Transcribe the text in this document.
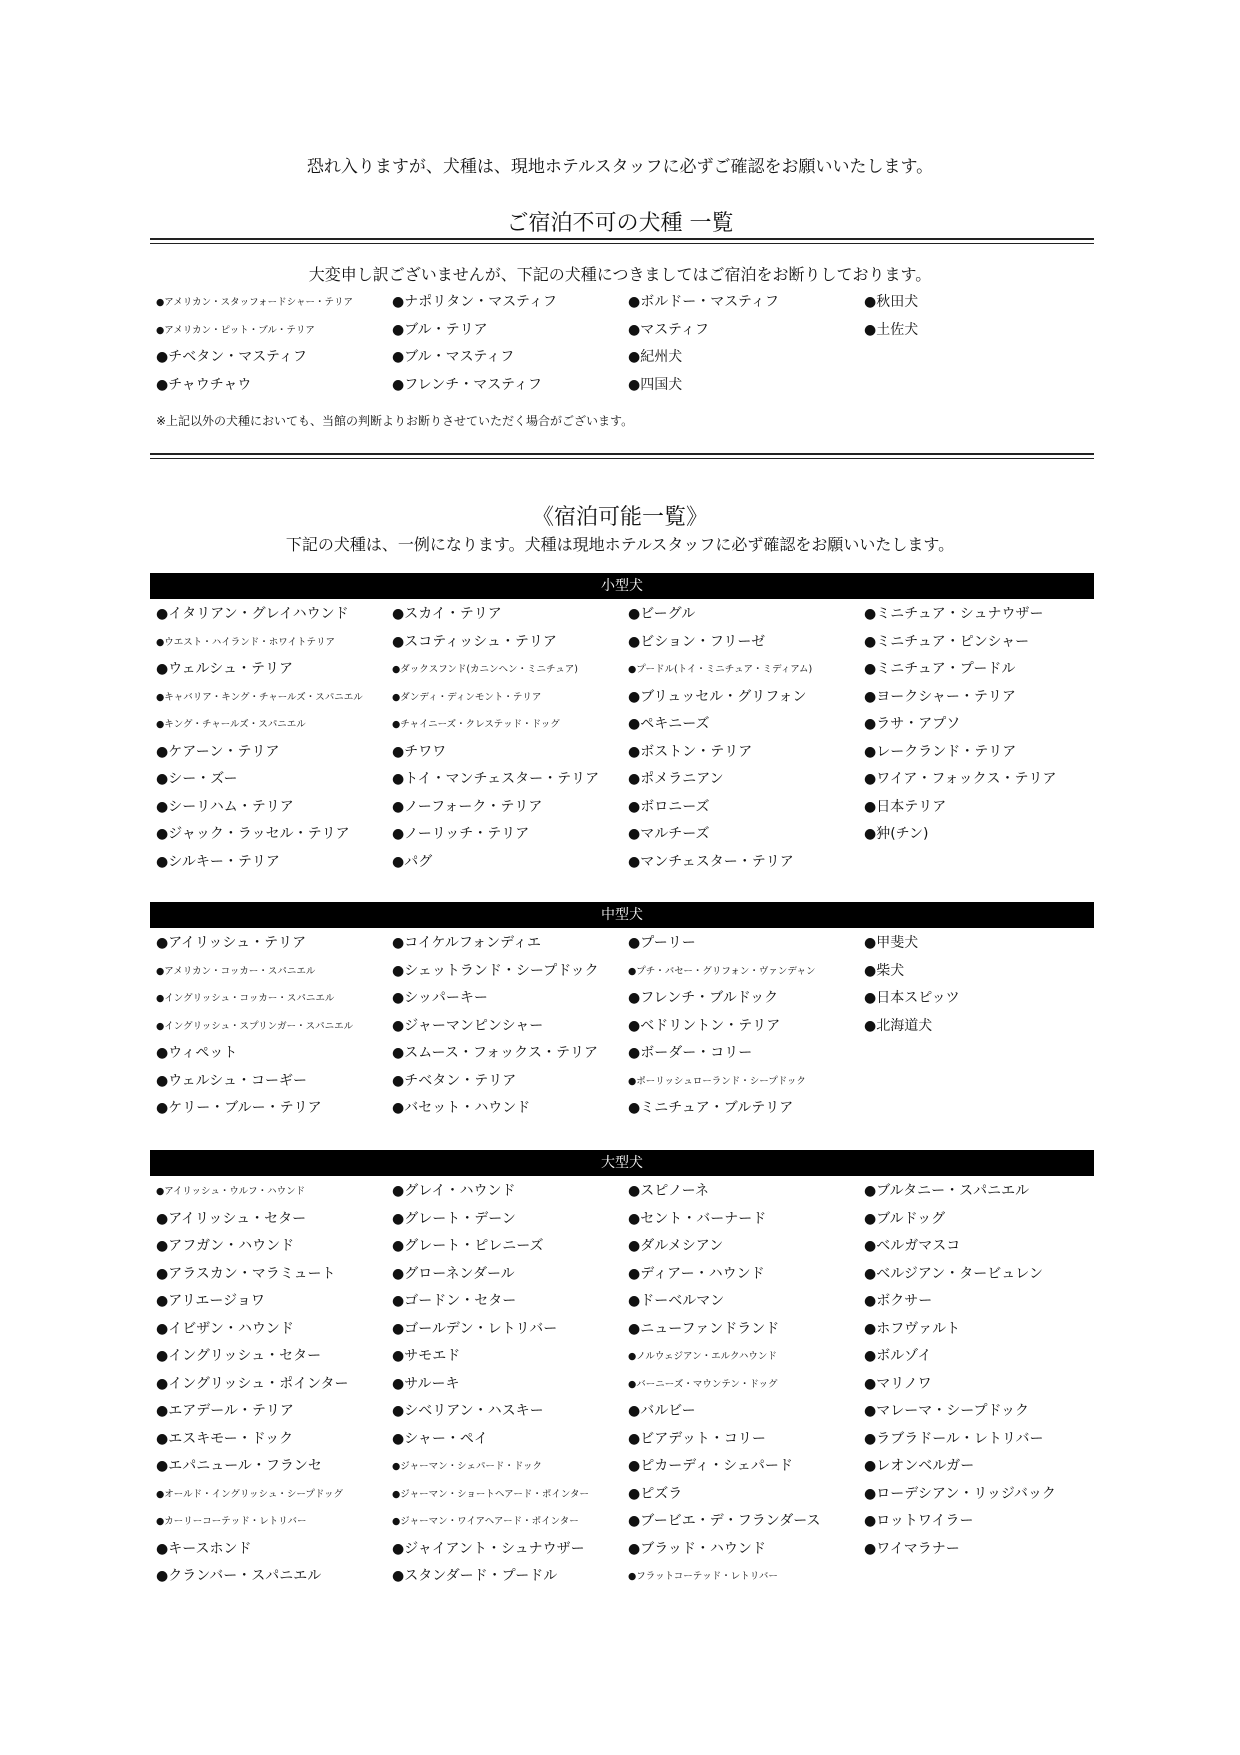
恐れ入りますが、犬種は、現地ホテルスタッフに必ずご確認をお願いいたします。
ご宿泊不可の犬種 一覧
大変申し訳ございませんが、下記の犬種につきましてはご宿泊をお断りしております。
●アメリカン・スタッフォードシャー・テリア	●ナポリタン・マスティフ	●ボルドー・マスティフ	●秋田犬
●アメリカン・ピット・ブル・テリア	●ブル・テリア	●マスティフ	●土佐犬
●チベタン・マスティフ	●ブル・マスティフ	●紀州犬
●チャウチャウ	●フレンチ・マスティフ	●四国犬
※上記以外の犬種においても、当館の判断よりお断りさせていただく場合がございます。
《宿泊可能一覧》
下記の犬種は、一例になります。犬種は現地ホテルスタッフに必ず確認をお願いいたします。
小型犬
●イタリアン・グレイハウンド	●スカイ・テリア	●ビーグル	●ミニチュア・シュナウザー
●ウエスト・ハイランド・ホワイトテリア	●スコティッシュ・テリア	●ビション・フリーゼ	●ミニチュア・ピンシャー
●ウェルシュ・テリア	●ダックスフンド(カニンヘン・ミニチュア)	●プードル(トイ・ミニチュア・ミディアム)	●ミニチュア・プードル
●キャバリア・キング・チャールズ・スパニエル	●ダンディ・ディンモント・テリア	●ブリュッセル・グリフォン	●ヨークシャー・テリア
●キング・チャールズ・スパニエル	●チャイニーズ・クレステッド・ドッグ	●ペキニーズ	●ラサ・アプソ
●ケアーン・テリア	●チワワ	●ボストン・テリア	●レークランド・テリア
●シー・ズー	●トイ・マンチェスター・テリア	●ポメラニアン	●ワイア・フォックス・テリア
●シーリハム・テリア	●ノーフォーク・テリア	●ボロニーズ	●日本テリア
●ジャック・ラッセル・テリア	●ノーリッチ・テリア	●マルチーズ	●狆(チン)
●シルキー・テリア	●パグ	●マンチェスター・テリア
中型犬
●アイリッシュ・テリア	●コイケルフォンディエ	●プーリー	●甲斐犬
●アメリカン・コッカー・スパニエル	●シェットランド・シープドック	●プチ・バセー・グリフォン・ヴァンデャン	●柴犬
●イングリッシュ・コッカー・スパニエル	●シッパーキー	●フレンチ・ブルドック	●日本スピッツ
●イングリッシュ・スプリンガー・スパニエル	●ジャーマンピンシャー	●ベドリントン・テリア	●北海道犬
●ウィペット	●スムース・フォックス・テリア	●ボーダー・コリー
●ウェルシュ・コーギー	●チベタン・テリア	●ポーリッシュローランド・シープドック
●ケリー・ブルー・テリア	●バセット・ハウンド	●ミニチュア・ブルテリア
大型犬
●アイリッシュ・ウルフ・ハウンド	●グレイ・ハウンド	●スピノーネ	●ブルタニー・スパニエル
●アイリッシュ・セター	●グレート・デーン	●セント・バーナード	●ブルドッグ
●アフガン・ハウンド	●グレート・ピレニーズ	●ダルメシアン	●ベルガマスコ
●アラスカン・マラミュート	●グローネンダール	●ディアー・ハウンド	●ベルジアン・タービュレン
●アリエージョワ	●ゴードン・セター	●ドーベルマン	●ボクサー
●イビザン・ハウンド	●ゴールデン・レトリバー	●ニューファンドランド	●ホフヴァルト
●イングリッシュ・セター	●サモエド	●ノルウェジアン・エルクハウンド	●ボルゾイ
●イングリッシュ・ポインター	●サルーキ	●バーニーズ・マウンテン・ドッグ	●マリノワ
●エアデール・テリア	●シベリアン・ハスキー	●バルビー	●マレーマ・シープドック
●エスキモー・ドック	●シャー・ペイ	●ビアデット・コリー	●ラブラドール・レトリバー
●エパニュール・フランセ	●ジャーマン・シェパード・ドック	●ピカーディ・シェパード	●レオンベルガー
●オールド・イングリッシュ・シープドッグ	●ジャーマン・ショートヘアード・ポインター	●ピズラ	●ローデシアン・リッジバック
●カーリーコーテッド・レトリバー	●ジャーマン・ワイアヘアード・ポインター	●ブービエ・デ・フランダース	●ロットワイラー
●キースホンド	●ジャイアント・シュナウザー	●ブラッド・ハウンド	●ワイマラナー
●クランバー・スパニエル	●スタンダード・プードル	●フラットコーテッド・レトリバー
